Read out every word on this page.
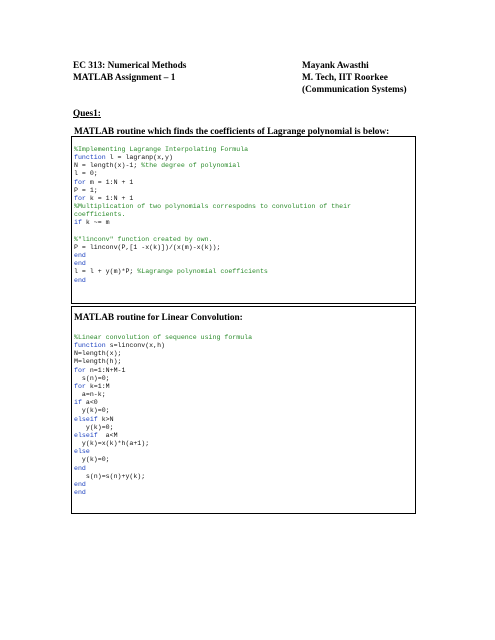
EC 313: Numerical Methods
MATLAB Assignment – 1
Mayank Awasthi
M. Tech, IIT Roorkee
(Communication Systems)
Ques1:
MATLAB routine which finds the coefficients of Lagrange polynomial is below:
%Implementing Lagrange Interpolating Formula
function l = lagranp(x,y)
N = length(x)-1; %the degree of polynomial
l = 0;
for m = 1:N + 1
P = 1;
for k = 1:N + 1
%Multiplication of two polynomials correspodns to convolution of their
coefficients.
if k ~= m

%"linconv" function created by own.
P = linconv(P,[1 -x(k)])/(x(m)-x(k));
end
end
l = l + y(m)*P; %Lagrange polynomial coefficients
end
MATLAB routine for Linear Convolution:
%Linear convolution of sequence using formula
function s=linconv(x,h)
N=length(x);
M=length(h);
for n=1:N+M-1
s(n)=0;
for k=1:M
a=n-k;
if a<0
y(k)=0;
elseif k>N
y(k)=0;
elseif  a<M
y(k)=x(k)*h(a+1);
else
y(k)=0;
end
s(n)=s(n)+y(k);
end
end
